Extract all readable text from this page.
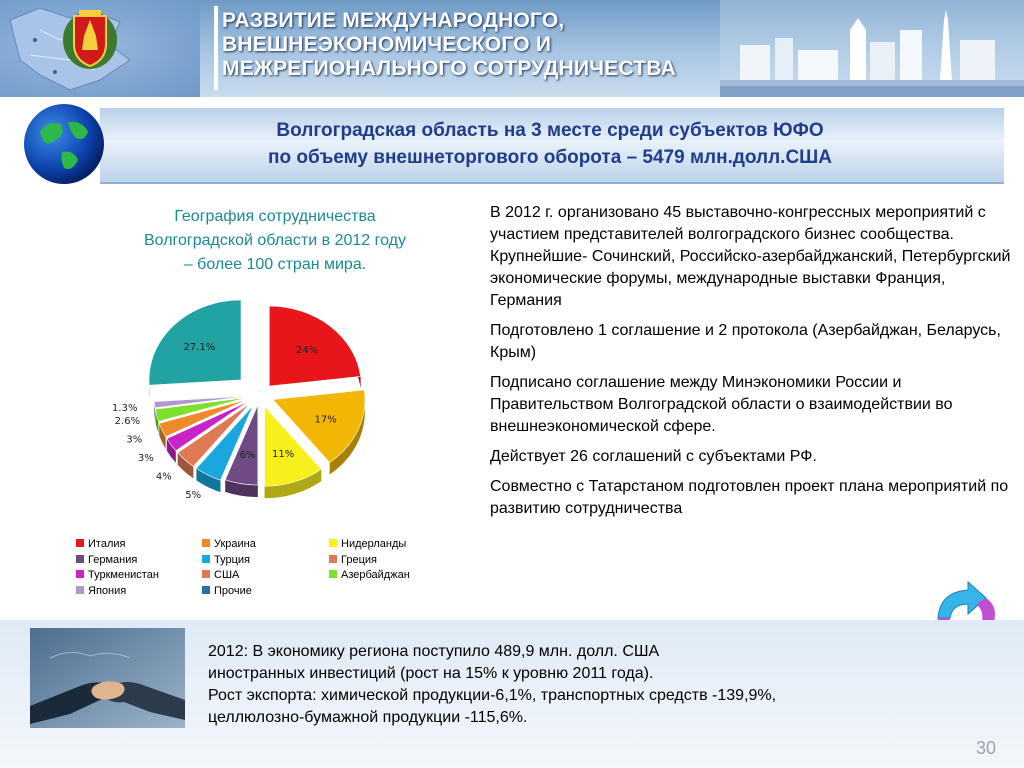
РАЗВИТИЕ МЕЖДУНАРОДНОГО,
ВНЕШНЕЭКОНОМИЧЕСКОГО И
МЕЖРЕГИОНАЛЬНОГО СОТРУДНИЧЕСТВА
Волгоградская область на 3 месте среди субъектов ЮФО
по объему внешнеторгового оборота – 5479 млн.долл.США
География сотрудничества
Волгоградской области в 2012 году
– более 100 стран мира.
24%
17%
11%
6%
5%
4%
3%
3%
2.6%
1.3%
27.1%
Италия	Украина	Нидерланды
Германия	Турция	Греция
Туркменистан	США	Азербайджан
Япония	Прочие

В 2012 г. организовано 45 выставочно-конгрессных мероприятий с участием представителей волгоградского бизнес сообщества.
Крупнейшие- Сочинский, Российско-азербайджанский, Петербургский экономические форумы, международные выставки Франция, Германия

Подготовлено 1 соглашение и 2 протокола (Азербайджан, Беларусь, Крым)

Подписано соглашение между Минэкономики России и Правительством Волгоградской области о взаимодействии во внешнеэкономической сфере.

Действует 26 соглашений с субъектами РФ.

Совместно с Татарстаном подготовлен проект плана мероприятий по развитию сотрудничества

2012: В экономику региона поступило 489,9 млн. долл. США
иностранных инвестиций (рост на 15% к уровню 2011 года).
Рост экспорта: химической продукции-6,1%, транспортных средств -139,9%,
целлюлозно-бумажной продукции -115,6%.
30
